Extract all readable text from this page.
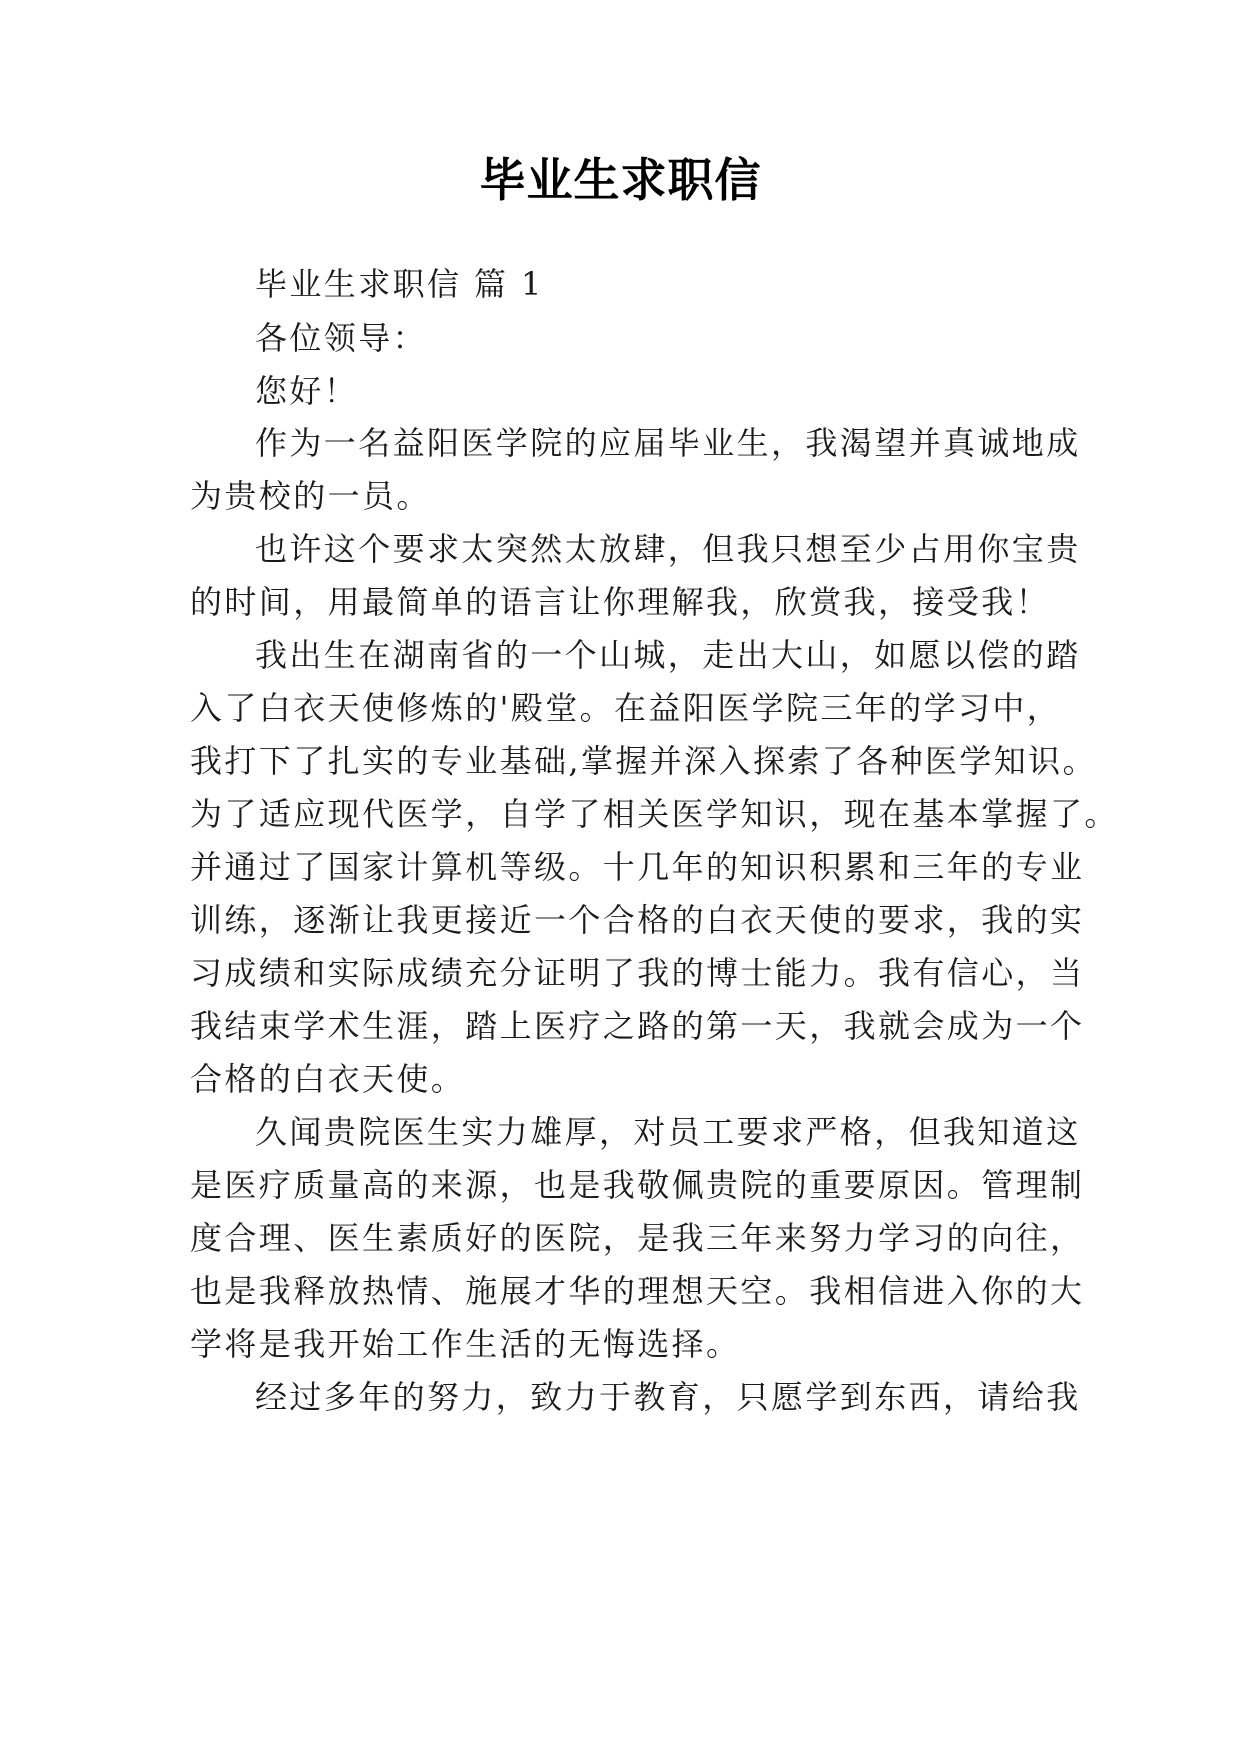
毕业生求职信

毕业生求职信 篇 1

各位领导：

您好！

作为一名益阳医学院的应届毕业生，我渴望并真诚地成

为贵校的一员。

也许这个要求太突然太放肆，但我只想至少占用你宝贵

的时间，用最简单的语言让你理解我，欣赏我，接受我！

我出生在湖南省的一个山城，走出大山，如愿以偿的踏

入了白衣天使修炼的'殿堂。在益阳医学院三年的学习中，

我打下了扎实的专业基础,掌握并深入探索了各种医学知识。

为了适应现代医学，自学了相关医学知识，现在基本掌握了。

并通过了国家计算机等级。十几年的知识积累和三年的专业

训练，逐渐让我更接近一个合格的白衣天使的要求，我的实

习成绩和实际成绩充分证明了我的博士能力。我有信心，当

我结束学术生涯，踏上医疗之路的第一天，我就会成为一个

合格的白衣天使。

久闻贵院医生实力雄厚，对员工要求严格，但我知道这

是医疗质量高的来源，也是我敬佩贵院的重要原因。管理制

度合理、医生素质好的医院，是我三年来努力学习的向往，

也是我释放热情、施展才华的理想天空。我相信进入你的大

学将是我开始工作生活的无悔选择。

经过多年的努力，致力于教育，只愿学到东西，请给我
